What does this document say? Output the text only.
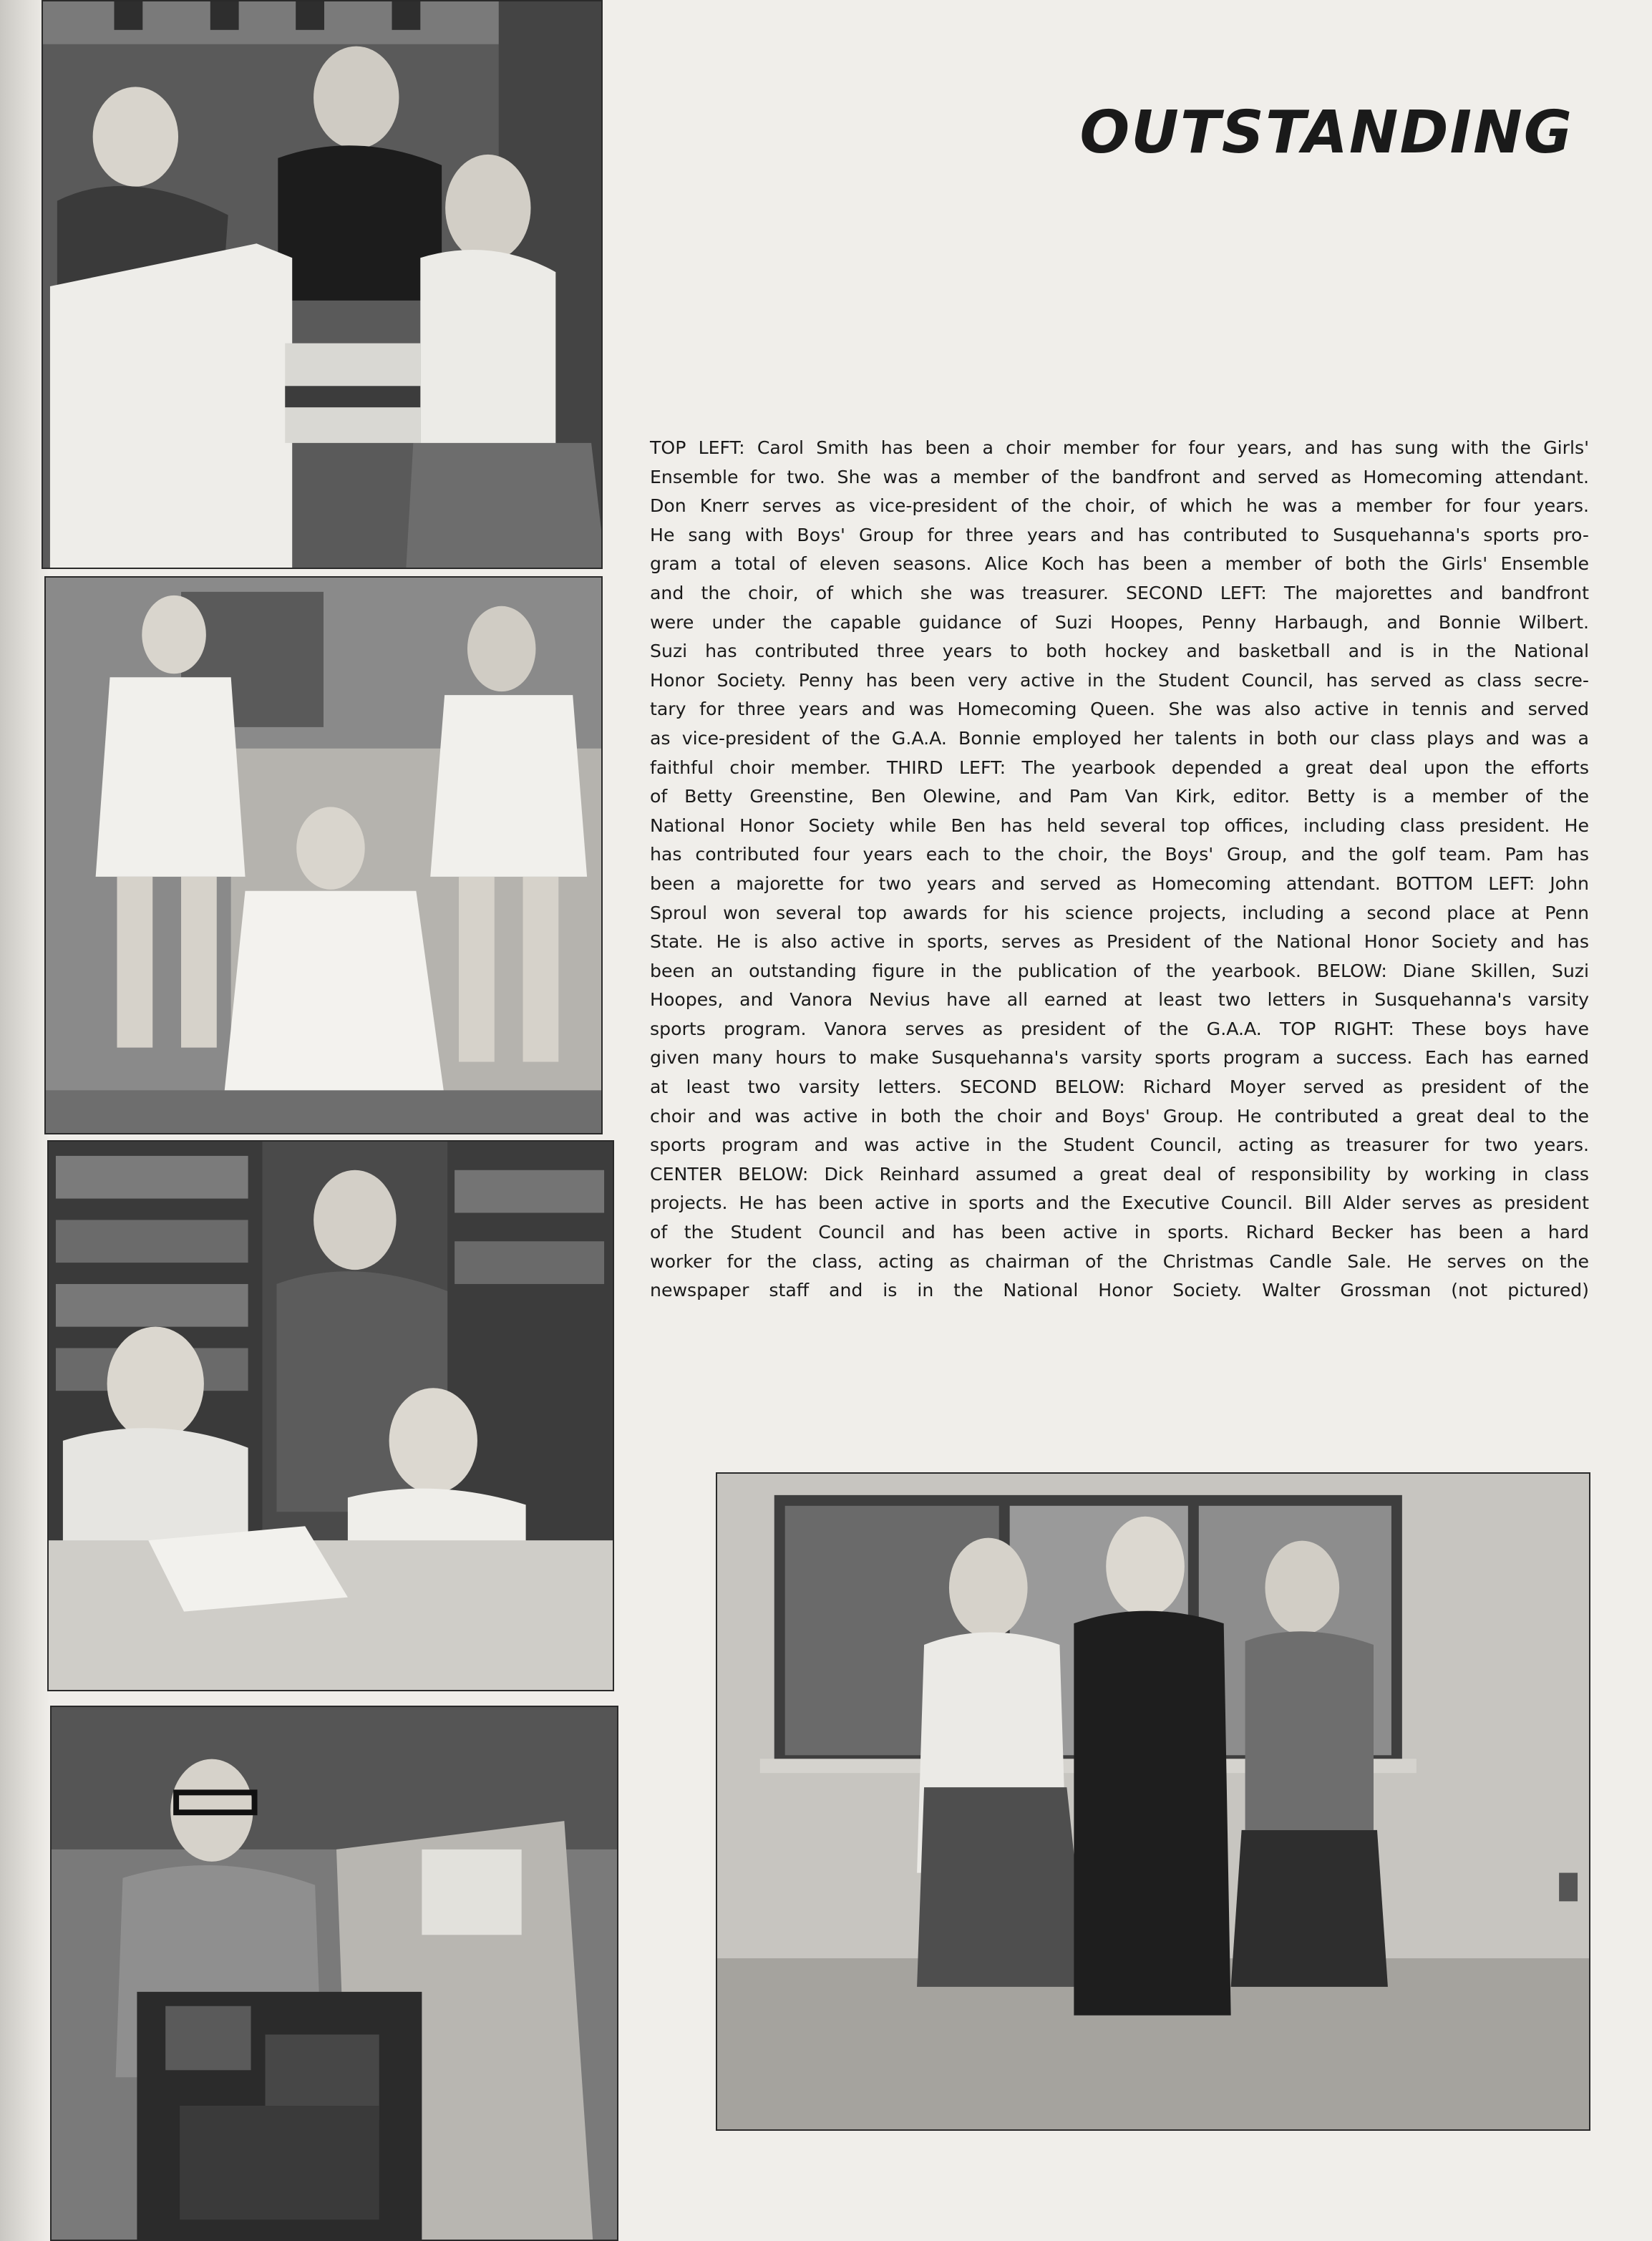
OUTSTANDING
TOP LEFT: Carol Smith has been a choir member for four years, and has sung with the Girls'
Ensemble for two. She was a member of the bandfront and served as Homecoming attendant.
Don Knerr serves as vice-president of the choir, of which he was a member for four years.
He sang with Boys' Group for three years and has contributed to Susquehanna's sports pro-
gram a total of eleven seasons. Alice Koch has been a member of both the Girls' Ensemble
and the choir, of which she was treasurer. SECOND LEFT: The majorettes and bandfront
were under the capable guidance of Suzi Hoopes, Penny Harbaugh, and Bonnie Wilbert.
Suzi has contributed three years to both hockey and basketball and is in the National
Honor Society. Penny has been very active in the Student Council, has served as class secre-
tary for three years and was Homecoming Queen. She was also active in tennis and served
as vice-president of the G.A.A. Bonnie employed her talents in both our class plays and was a
faithful choir member. THIRD LEFT: The yearbook depended a great deal upon the efforts
of Betty Greenstine, Ben Olewine, and Pam Van Kirk, editor. Betty is a member of the
National Honor Society while Ben has held several top offices, including class president. He
has contributed four years each to the choir, the Boys' Group, and the golf team. Pam has
been a majorette for two years and served as Homecoming attendant. BOTTOM LEFT: John
Sproul won several top awards for his science projects, including a second place at Penn
State. He is also active in sports, serves as President of the National Honor Society and has
been an outstanding figure in the publication of the yearbook. BELOW: Diane Skillen, Suzi
Hoopes, and Vanora Nevius have all earned at least two letters in Susquehanna's varsity
sports program. Vanora serves as president of the G.A.A. TOP RIGHT: These boys have
given many hours to make Susquehanna's varsity sports program a success. Each has earned
at least two varsity letters. SECOND BELOW: Richard Moyer served as president of the
choir and was active in both the choir and Boys' Group. He contributed a great deal to the
sports program and was active in the Student Council, acting as treasurer for two years.
CENTER BELOW: Dick Reinhard assumed a great deal of responsibility by working in class
projects. He has been active in sports and the Executive Council. Bill Alder serves as president
of the Student Council and has been active in sports. Richard Becker has been a hard
worker for the class, acting as chairman of the Christmas Candle Sale. He serves on the
newspaper staff and is in the National Honor Society. Walter Grossman (not pictured)
